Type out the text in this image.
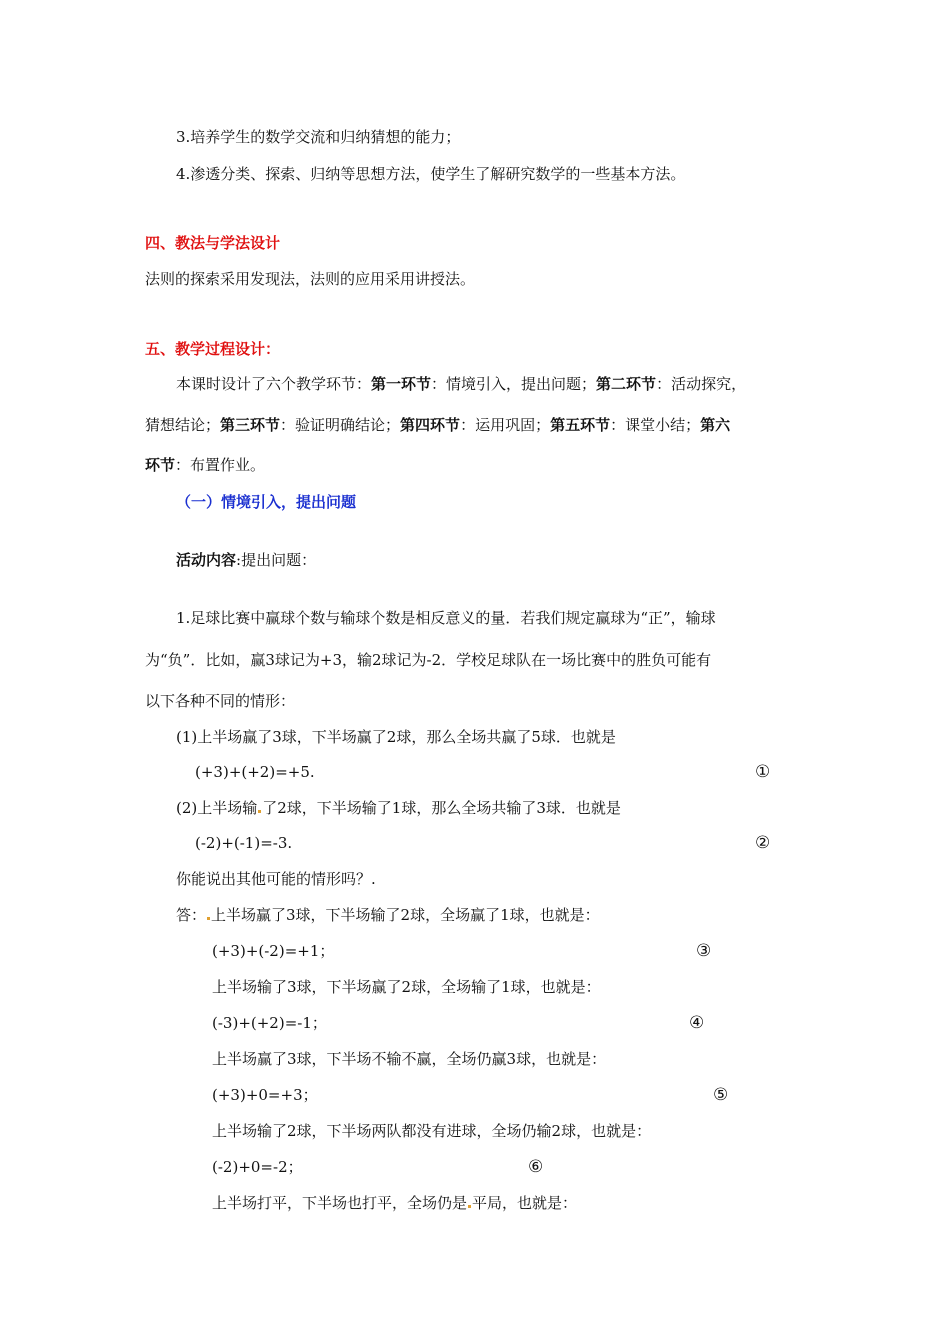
3.培养学生的数学交流和归纳猜想的能力；
4.渗透分类、探索、归纳等思想方法，使学生了解研究数学的一些基本方法。
四、教法与学法设计
法则的探索采用发现法，法则的应用采用讲授法。
五、教学过程设计：
本课时设计了六个教学环节：第一环节：情境引入，提出问题；第二环节：活动探究，
猜想结论；第三环节：验证明确结论；第四环节：运用巩固；第五环节：课堂小结；第六
环节：布置作业。
（一）情境引入，提出问题
活动内容:提出问题：
1.足球比赛中赢球个数与输球个数是相反意义的量．若我们规定赢球为“正”，输球
为“负”．比如，赢3球记为+3，输2球记为-2．学校足球队在一场比赛中的胜负可能有
以下各种不同的情形：
(1)上半场赢了3球，下半场赢了2球，那么全场共赢了5球．也就是
(+3)+(+2)=+5.	①
(2)上半场输 了2球，下半场输了1球，那么全场共输了3球．也就是
(-2)+(-1)=-3.	②
你能说出其他可能的情形吗？.
答： 上半场赢了3球，下半场输了2球，全场赢了1球，也就是：
(+3)+(-2)=+1；	③
上半场输了3球，下半场赢了2球，全场输了1球，也就是：
(-3)+(+2)=-1；	④
上半场赢了3球，下半场不输不赢，全场仍赢3球，也就是：
(+3)+0=+3；	⑤
上半场输了2球，下半场两队都没有进球，全场仍输2球，也就是：
(-2)+0=-2；	⑥
上半场打平，下半场也打平，全场仍是 平局，也就是：
